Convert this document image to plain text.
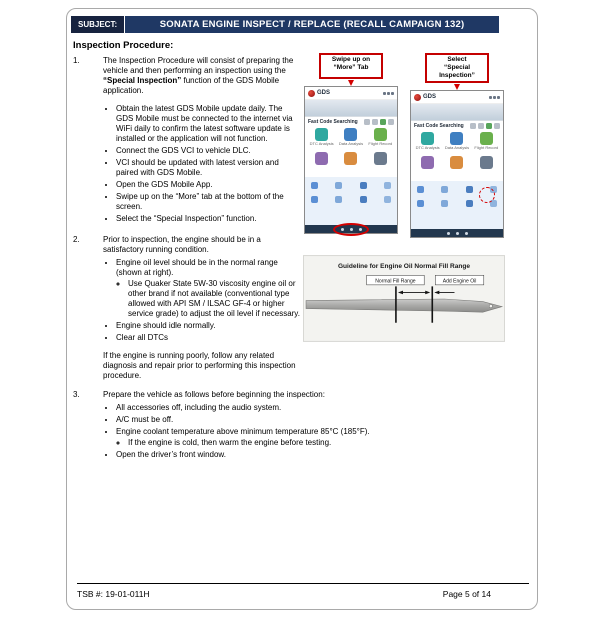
SUBJECT:	SONATA ENGINE INSPECT / REPLACE (RECALL CAMPAIGN 132)
Inspection Procedure:
1.	The Inspection Procedure will consist of preparing the vehicle and then performing an inspection using the “Special Inspection” function of the GDS Mobile application.

• Obtain the latest GDS Mobile update daily. The GDS Mobile must be connected to the internet via WiFi daily to confirm the latest software update is installed or the application will not function.
• Connect the GDS VCI to vehicle DLC.
• VCI should be updated with latest version and paired with GDS Mobile.
• Open the GDS Mobile App.
• Swipe up on the “More” tab at the bottom of the screen.
• Select the “Special Inspection” function.
2.	Prior to inspection, the engine should be in a satisfactory running condition.

• Engine oil level should be in the normal range (shown at right).
◦ Use Quaker State 5W-30 viscosity engine oil or other brand if not available (conventional type allowed with API SM / ILSAC GF-4 or higher service grade) to adjust the oil level if necessary.
• Engine should idle normally.
• Clear all DTCs

If the engine is running poorly, follow any related diagnosis and repair prior to performing this inspection procedure.

3.	Prepare the vehicle as follows before beginning the inspection:

• All accessories off, including the audio system.
• A/C must be off.
• Engine coolant temperature above minimum temperature 85°C (185°F).
◦ If the engine is cold, then warm the engine before testing.
• Open the driver’s front window.
Swipe up on
“More” Tab
GDS
Fast Code Searching
DTC Analysis	Data Analysis	Flight Record
Select
“Special
Inspection”
GDS
Fast Code Searching
DTC Analysis	Data Analysis	Flight Record
Guideline for Engine Oil Normal Fill Range
Normal Fill Range	Add Engine Oil
TSB #: 19-01-011H	Page 5 of 14
